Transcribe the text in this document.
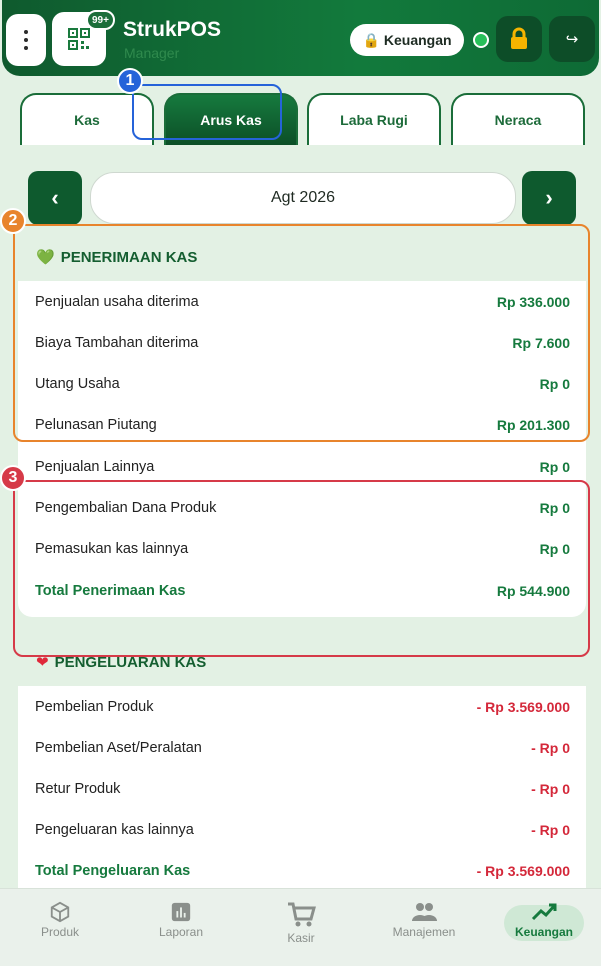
99+ StrukPOS
Manager
🔒 Keuangan	↪
Kas	Arus Kas	Laba Rugi	Neraca
‹	Agt 2026	›
💚 PENERIMAAN KAS
Penjualan usaha diterima	Rp 336.000
Biaya Tambahan diterima	Rp 7.600
Utang Usaha	Rp 0
Pelunasan Piutang	Rp 201.300
Penjualan Lainnya	Rp 0
Pengembalian Dana Produk	Rp 0
Pemasukan kas lainnya	Rp 0
Total Penerimaan Kas	Rp 544.900
❤ PENGELUARAN KAS
Pembelian Produk	- Rp 3.569.000
Pembelian Aset/Peralatan	- Rp 0
Retur Produk	- Rp 0
Pengeluaran kas lainnya	- Rp 0
Total Pengeluaran Kas	- Rp 3.569.000
1
2
3
Produk	Laporan	Kasir	Manajemen	Keuangan
